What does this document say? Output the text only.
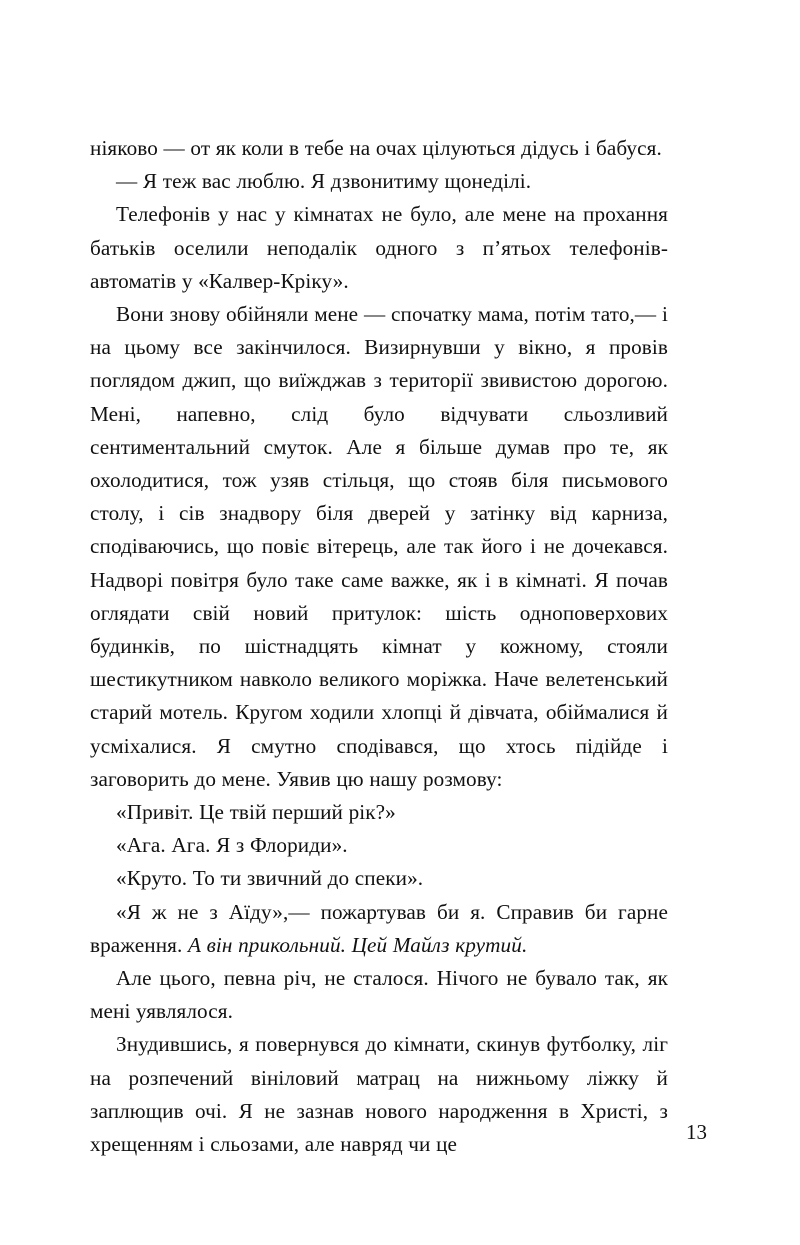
ніяково — от як коли в тебе на очах цілуються дідусь і бабуся.

— Я теж вас люблю. Я дзвонитиму щонеділі.

Телефонів у нас у кімнатах не було, але мене на прохання батьків оселили неподалік одного з п’ятьох телефонів-автоматів у «Калвер-Кріку».

Вони знову обійняли мене — спочатку мама, потім тато,— і на цьому все закінчилося. Визирнувши у вікно, я провів поглядом джип, що виїжджав з території звивистою дорогою. Мені, напевно, слід було відчувати сльозливий сентиментальний смуток. Але я більше думав про те, як охолодитися, тож узяв стільця, що стояв біля письмового столу, і сів знадвору біля дверей у затінку від карниза, сподіваючись, що повіє вітерець, але так його і не дочекався. Надворі повітря було таке саме важке, як і в кімнаті. Я почав оглядати свій новий притулок: шість одноповерхових будинків, по шістнадцять кімнат у кожному, стояли шестикутником навколо великого моріжка. Наче велетенський старий мотель. Кругом ходили хлопці й дівчата, обіймалися й усміхалися. Я смутно сподівався, що хтось підійде і заговорить до мене. Уявив цю нашу розмову:

«Привіт. Це твій перший рік?»

«Ага. Ага. Я з Флориди».

«Круто. То ти звичний до спеки».

«Я ж не з Аїду»,— пожартував би я. Справив би гарне враження. А він прикольний. Цей Майлз крутий.

Але цього, певна річ, не сталося. Нічого не бувало так, як мені уявлялося.

Знудившись, я повернувся до кімнати, скинув футболку, ліг на розпечений вініловий матрац на нижньому ліжку й заплющив очі. Я не зазнав нового народження в Христі, з хрещенням і сльозами, але навряд чи це

13
